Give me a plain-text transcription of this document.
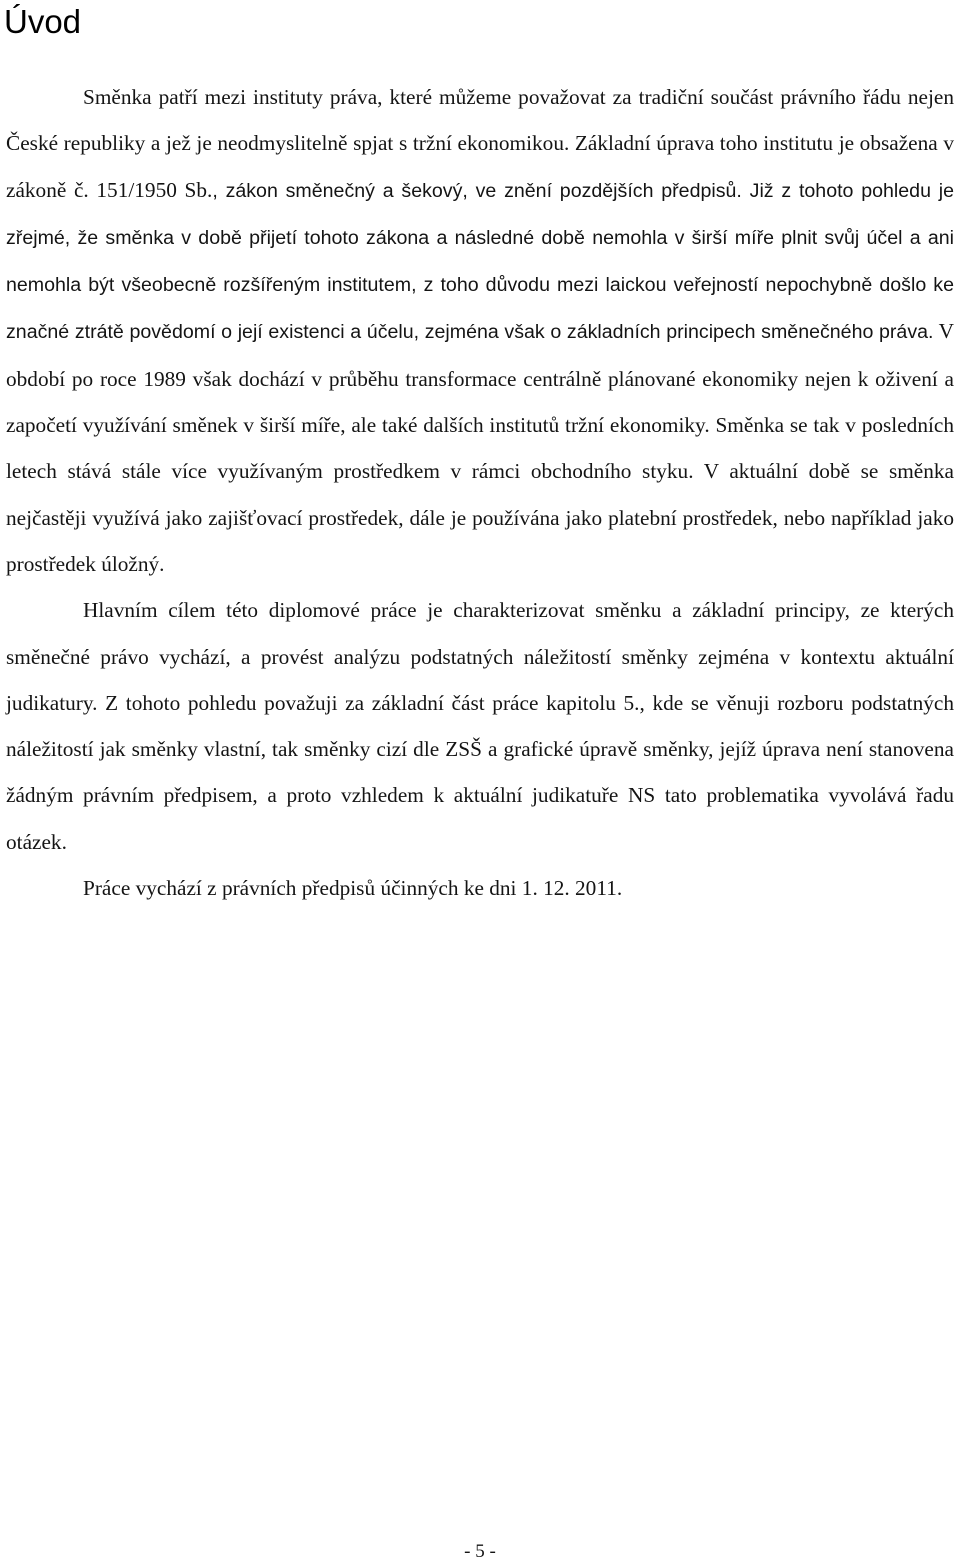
Úvod

Směnka patří mezi instituty práva, které můžeme považovat za tradiční součást právního řádu nejen České republiky a jež je neodmyslitelně spjat s tržní ekonomikou. Základní úprava toho institutu je obsažena v zákoně č. 151/1950 Sb., zákon směnečný a šekový, ve znění pozdějších předpisů. Již z tohoto pohledu je zřejmé, že směnka v době přijetí tohoto zákona a následné době nemohla v širší míře plnit svůj účel a ani nemohla být všeobecně rozšířeným institutem, z toho důvodu mezi laickou veřejností nepochybně došlo ke značné ztrátě povědomí o její existenci a účelu, zejména však o základních principech směnečného práva. V období po roce 1989 však dochází v průběhu transformace centrálně plánované ekonomiky nejen k oživení a započetí využívání směnek v širší míře, ale také dalších institutů tržní ekonomiky. Směnka se tak v posledních letech stává stále více využívaným prostředkem v rámci obchodního styku. V aktuální době se směnka nejčastěji využívá jako zajišťovací prostředek, dále je používána jako platební prostředek, nebo například jako prostředek úložný.

Hlavním cílem této diplomové práce je charakterizovat směnku a základní principy, ze kterých směnečné právo vychází, a provést analýzu podstatných náležitostí směnky zejména v kontextu aktuální judikatury. Z tohoto pohledu považuji za základní část práce kapitolu 5., kde se věnuji rozboru podstatných náležitostí jak směnky vlastní, tak směnky cizí dle ZSŠ a grafické úpravě směnky, jejíž úprava není stanovena žádným právním předpisem, a proto vzhledem k aktuální judikatuře NS tato problematika vyvolává řadu otázek.

Práce vychází z právních předpisů účinných ke dni 1. 12. 2011.

- 5 -
